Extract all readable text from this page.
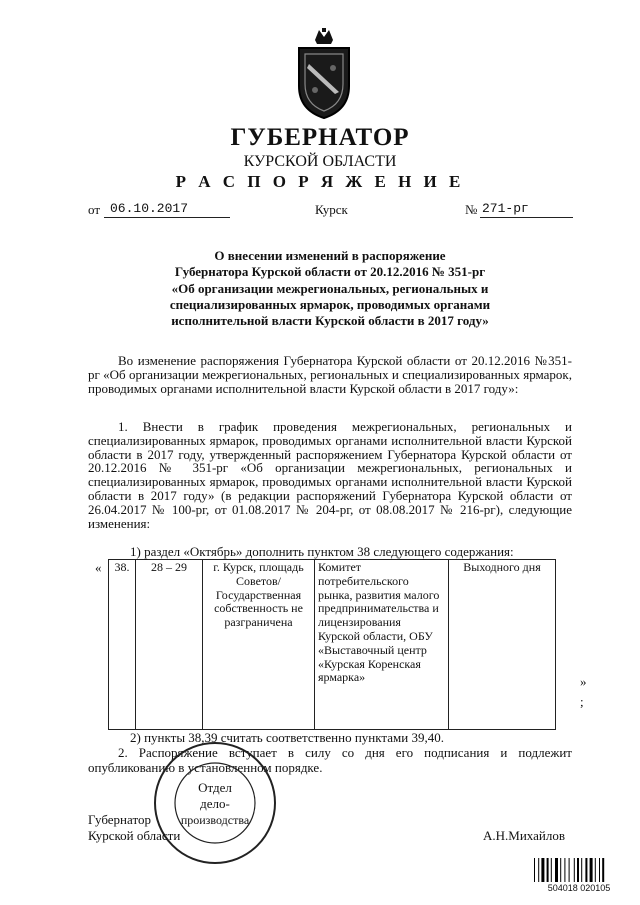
ГУБЕРНАТОР
КУРСКОЙ ОБЛАСТИ
Р А С П О Р Я Ж Е Н И Е
от 06.10.2017	Курск	№ 271-рг
О внесении изменений в распоряжение
Губернатора Курской области от 20.12.2016 № 351-рг
«Об организации межрегиональных, региональных и
специализированных ярмарок, проводимых органами
исполнительной власти Курской области в 2017 году»
Во изменение распоряжения Губернатора Курской области от 20.12.2016 №351-рг «Об организации межрегиональных, региональных и специализированных ярмарок, проводимых органами исполнительной власти Курской области в 2017 году»:
1. Внести в график проведения межрегиональных, региональных и специализированных ярмарок, проводимых органами исполнительной власти Курской области в 2017 году, утвержденный распоряжением Губернатора Курской области от 20.12.2016 № 351-рг «Об организации межрегиональных, региональных и специализированных ярмарок, проводимых органами исполнительной власти Курской области в 2017 году» (в редакции распоряжений Губернатора Курской области от 26.04.2017 № 100-рг, от 01.08.2017 № 204-рг, от 08.08.2017 № 216-рг), следующие изменения:
1) раздел «Октябрь» дополнить пунктом 38 следующего содержания:
«
»
;
38.	28 – 29	г. Курск, площадь Советов/ Государственная собственность не разграничена	Комитет потребительского рынка, развития малого предпринимательства и лицензирования Курской области, ОБУ «Выставочный центр «Курская Коренская ярмарка»	Выходного дня
2) пункты 38,39 считать соответственно пунктами 39,40.
2. Распоряжение вступает в силу со дня его подписания и подлежит опубликованию в установленном порядке.
Отдел
дело-
производства
Губернатор
Курской области	А.Н.Михайлов
504018 020105
